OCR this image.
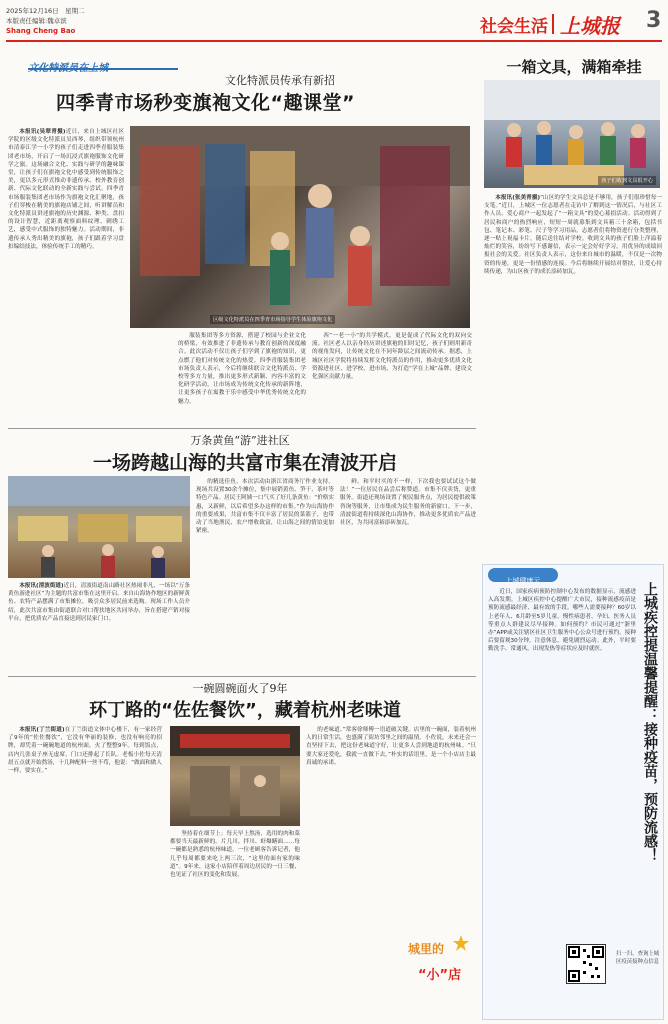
2025年12月16日　星期二
本版责任编辑:魏卓滨
Shang Cheng Bao	社会生活 上城报 3
文化特派员在上城
文化特派员传承有新招
四季青市场秒变旗袍文化“趣课堂”

本报讯(吴翠青摄)近日，来自上城区社区学院的区级文化特派员吴西琴，组织带领杭州市清泰江学一小学的孩子们走进四季青服装集团老市场，开启了一场沉浸式旗袍服饰文化研学之旅。这场融合文化、实践与研学的趣味课堂，让孩子们在旗袍文化中感受到传统服饰之美，更以多元形式推动非遗传承、校外教育创新、代际文化联动的全新实践与尝试。四季青市场服装集团老市场作为旗袍文化汇聚地，孩子们穿梭在精美的旗袍店铺之间，听讲解员和文化特派员讲述旗袍的历史渊源、种类、盘扣的设计智慧，近距离观察面料纹理、刺绣工艺，感受中式服饰的独特魅力。活动期间，非遗传承人秀出精美的旗袍，孩子们跟着学习盘扣编结技法，体验传统手工的精巧。

区级文化特派员在四季青市场指导学生体验旗袍文化

服装集团等多方资源，搭建了校园与企业文化的桥梁，有效推进了非遗传承与教育创新的深度融合。此次活动不仅让孩子们学到了旗袍的知识，更点燃了他们对传统文化的热爱。四季青服装集团老市场负责人表示，今后将继续联合文化特派员、学校等多方力量，推出更多形式新颖、内容丰富的文化研学活动，让市场成为传统文化传承的新阵地，让更多孩子在寓教于乐中感受中华优秀传统文化的魅力。

西”一老一小”的共学模式，更是促成了代际文化的双向交流。社区老人以亲身经历讲述旗袍的旧时记忆，孩子们则用新奇的视角发问，让传统文化在不同年龄层之间流动传承。据悉，上城区社区学院将持续发挥文化特派员的作用，推动更多优质文化资源进社区、进学校、进市场，为打造“学在上城”品牌、建设文化强区贡献力量。

一箱文具，满箱牵挂
孩子们收到文具很开心

本报讯(张美青摄)“山区的学生文具总是不够用，孩子们很珍惜每一支笔。”近日，上城区一位志愿者在走访中了解到这一情况后，与社区工作人员、爱心商户一起发起了“一箱文具”的爱心募捐活动。活动得到了居民和商户的热烈响应，短短一周就募集到文具箱三十余箱，包括书包、笔记本、彩笔、尺子等学习用品。志愿者们将物资进行分类整理，逐一贴上祝福卡片，随后送往结对学校。收到文具的孩子们脸上洋溢着灿烂的笑容，纷纷写下感谢信，表示一定会好好学习，用优异的成绩回报社会的关爱。社区负责人表示，这份来自城市的温暖，不仅是一次物资的传递，更是一份情感的连接。今后将继续开展结对帮扶，让爱心持续传递，为山区孩子的成长添砖加瓦。

万条黄鱼“游”进社区
一场跨越山海的共富市集在清波开启

本报讯(清波街道)近日，清波街道南山路社区热闹非凡，一场以“万条黄鱼游进社区”为主题的共富市集在这里开启。来自山海协作地区的新鲜黄鱼、农特产品摆满了市集摊位，吸引众多居民前来选购。现场工作人员介绍，此次共富市集由街道联合对口帮扶地区共同举办，旨在搭建产销对接平台，把优质农产品直接送到居民家门口。

的精选佳鱼。本次活动由浙江省商务厅作业支持。现场共设置30余个摊位，集中展销黄鱼、笋干、茶叶等特色产品。居民王阿姨一口气买了好几条黄鱼：“价格实惠，又新鲜，以后希望多办这样的市集。”作为山海协作的重要成果，共富市集不仅丰富了居民的菜篮子，也带动了当地渔民、农户增收致富，让山海之间的情谊更加紧密。

鲜，和平时买的不一样，下次我也要试试这个做法！”一位居民在品尝后称赞道。市集不仅卖货，更重服务。街道还现场设置了便民服务点，为居民提供政策咨询等服务，让市集成为民生服务的新窗口。下一步，清波街道将持续深化山海协作，推动更多优质农产品进社区，为共同富裕添砖加瓦。

一碗圆碗面火了9年
环丁路的“佐佐餐饮”，藏着杭州老味道

本报讯(丁兰街道)在丁兰街道文体中心楼下，有一家经营了9年的“佐佐餐饮”，它没有华丽的装修，也没有响亮的招牌，却凭着一碗碗地道的杭州面，火了整整9年。每到饭点，店内几张桌子座无虚席，门口还排起了长队。老板小佐每天清晨五点就开始熬汤，十几种配料一丝不苟，他说：“做面和做人一样，要实在。”

坚持着在细节上：每天早上熬汤，选用的肉和菜都要当天最新鲜的。片儿川、拌川、虾爆鳝面……每一碗都是熟悉的杭州味道。一位老顾客告诉记者，他几乎每周都要来吃上两三次，“这里的面有家的味道”。9年来，这家小店陪伴着周边居民的一日三餐，也见证了社区的变化和发展。

的老味道。”常客徐师傅一语道破关键。店里的一碗面，装着杭州人的日常生活，也盛满了街坊邻里之间的温情。小佐说，未来还会一直坚持下去，把这份老味道守好，让更多人尝到地道的杭州味。“只要大家还爱吃，我就一直做下去。”朴实的话语里，是一个小店店主最真诚的承诺。

城里的
“小”店
上城健康云
上城疾控提温馨提醒：接种疫苗，预防流感！

近日，国家疾病预防控制中心发布的数据显示，流感进入高发期。上城区疾控中心提醒广大市民，接种流感疫苗是预防流感最经济、最有效的手段。哪些人需要接种？60岁以上老年人、6月龄至5岁儿童、慢性病患者、孕妇、医务人员等重点人群建议尽早接种。如何预约？市民可通过“浙里办”APP或关注辖区社区卫生服务中心公众号进行预约。接种后要留观30分钟，注意休息，避免剧烈运动。此外，平时要勤洗手、常通风，出现发热等症状应及时就医。

扫一扫，查询上城区疫苗接种点信息
